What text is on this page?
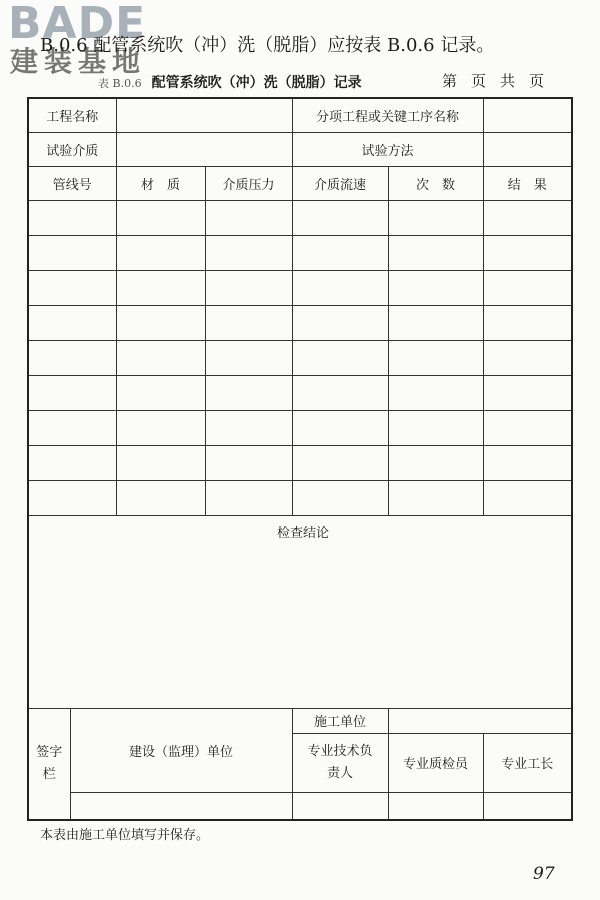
BADE
建装基地
B.0.6 配管系统吹（冲）洗（脱脂）应按表 B.0.6 记录。
表 B.0.6 配管系统吹（冲）洗（脱脂）记录	第页共页
工程名称				分项工程或关键工序名称		
试验介质				试验方法		
管线号		材　质	介质压力	介质流速	次　数	结　果

检查结论						
签字栏	建设（监理）单位			施工单位		
				专业技术负责人	专业质检员	专业工长

本表由施工单位填写并保存。
97
